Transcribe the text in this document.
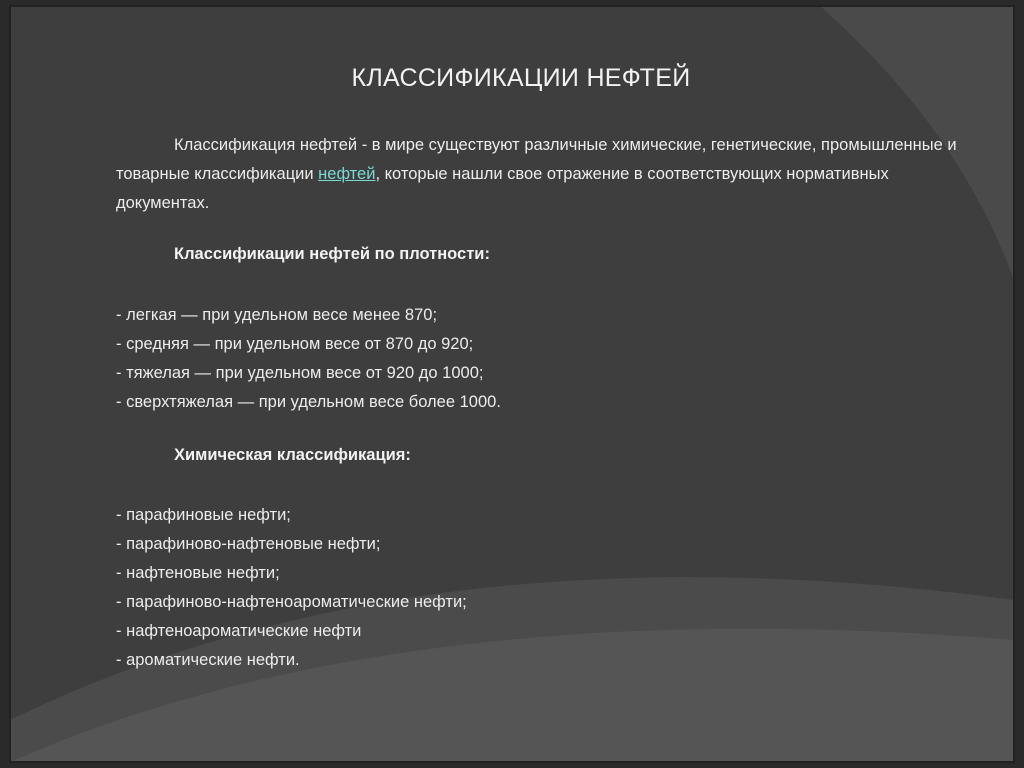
КЛАССИФИКАЦИИ НЕФТЕЙ

Классификация нефтей - в мире существуют различные химические, генетические, промышленные и товарные классификации нефтей, которые нашли свое отражение в соответствующих нормативных документах.

Классификации нефтей по плотности:
- легкая — при удельном весе менее 870;
- средняя — при удельном весе от 870 до 920;
- тяжелая — при удельном весе от 920 до 1000;
- сверхтяжелая — при удельном весе более 1000.
Химическая классификация:
- парафиновые нефти;
- парафиново-нафтеновые нефти;
- нафтеновые нефти;
- парафиново-нафтеноароматические нефти;
- нафтеноароматические нефти
- ароматические нефти.
